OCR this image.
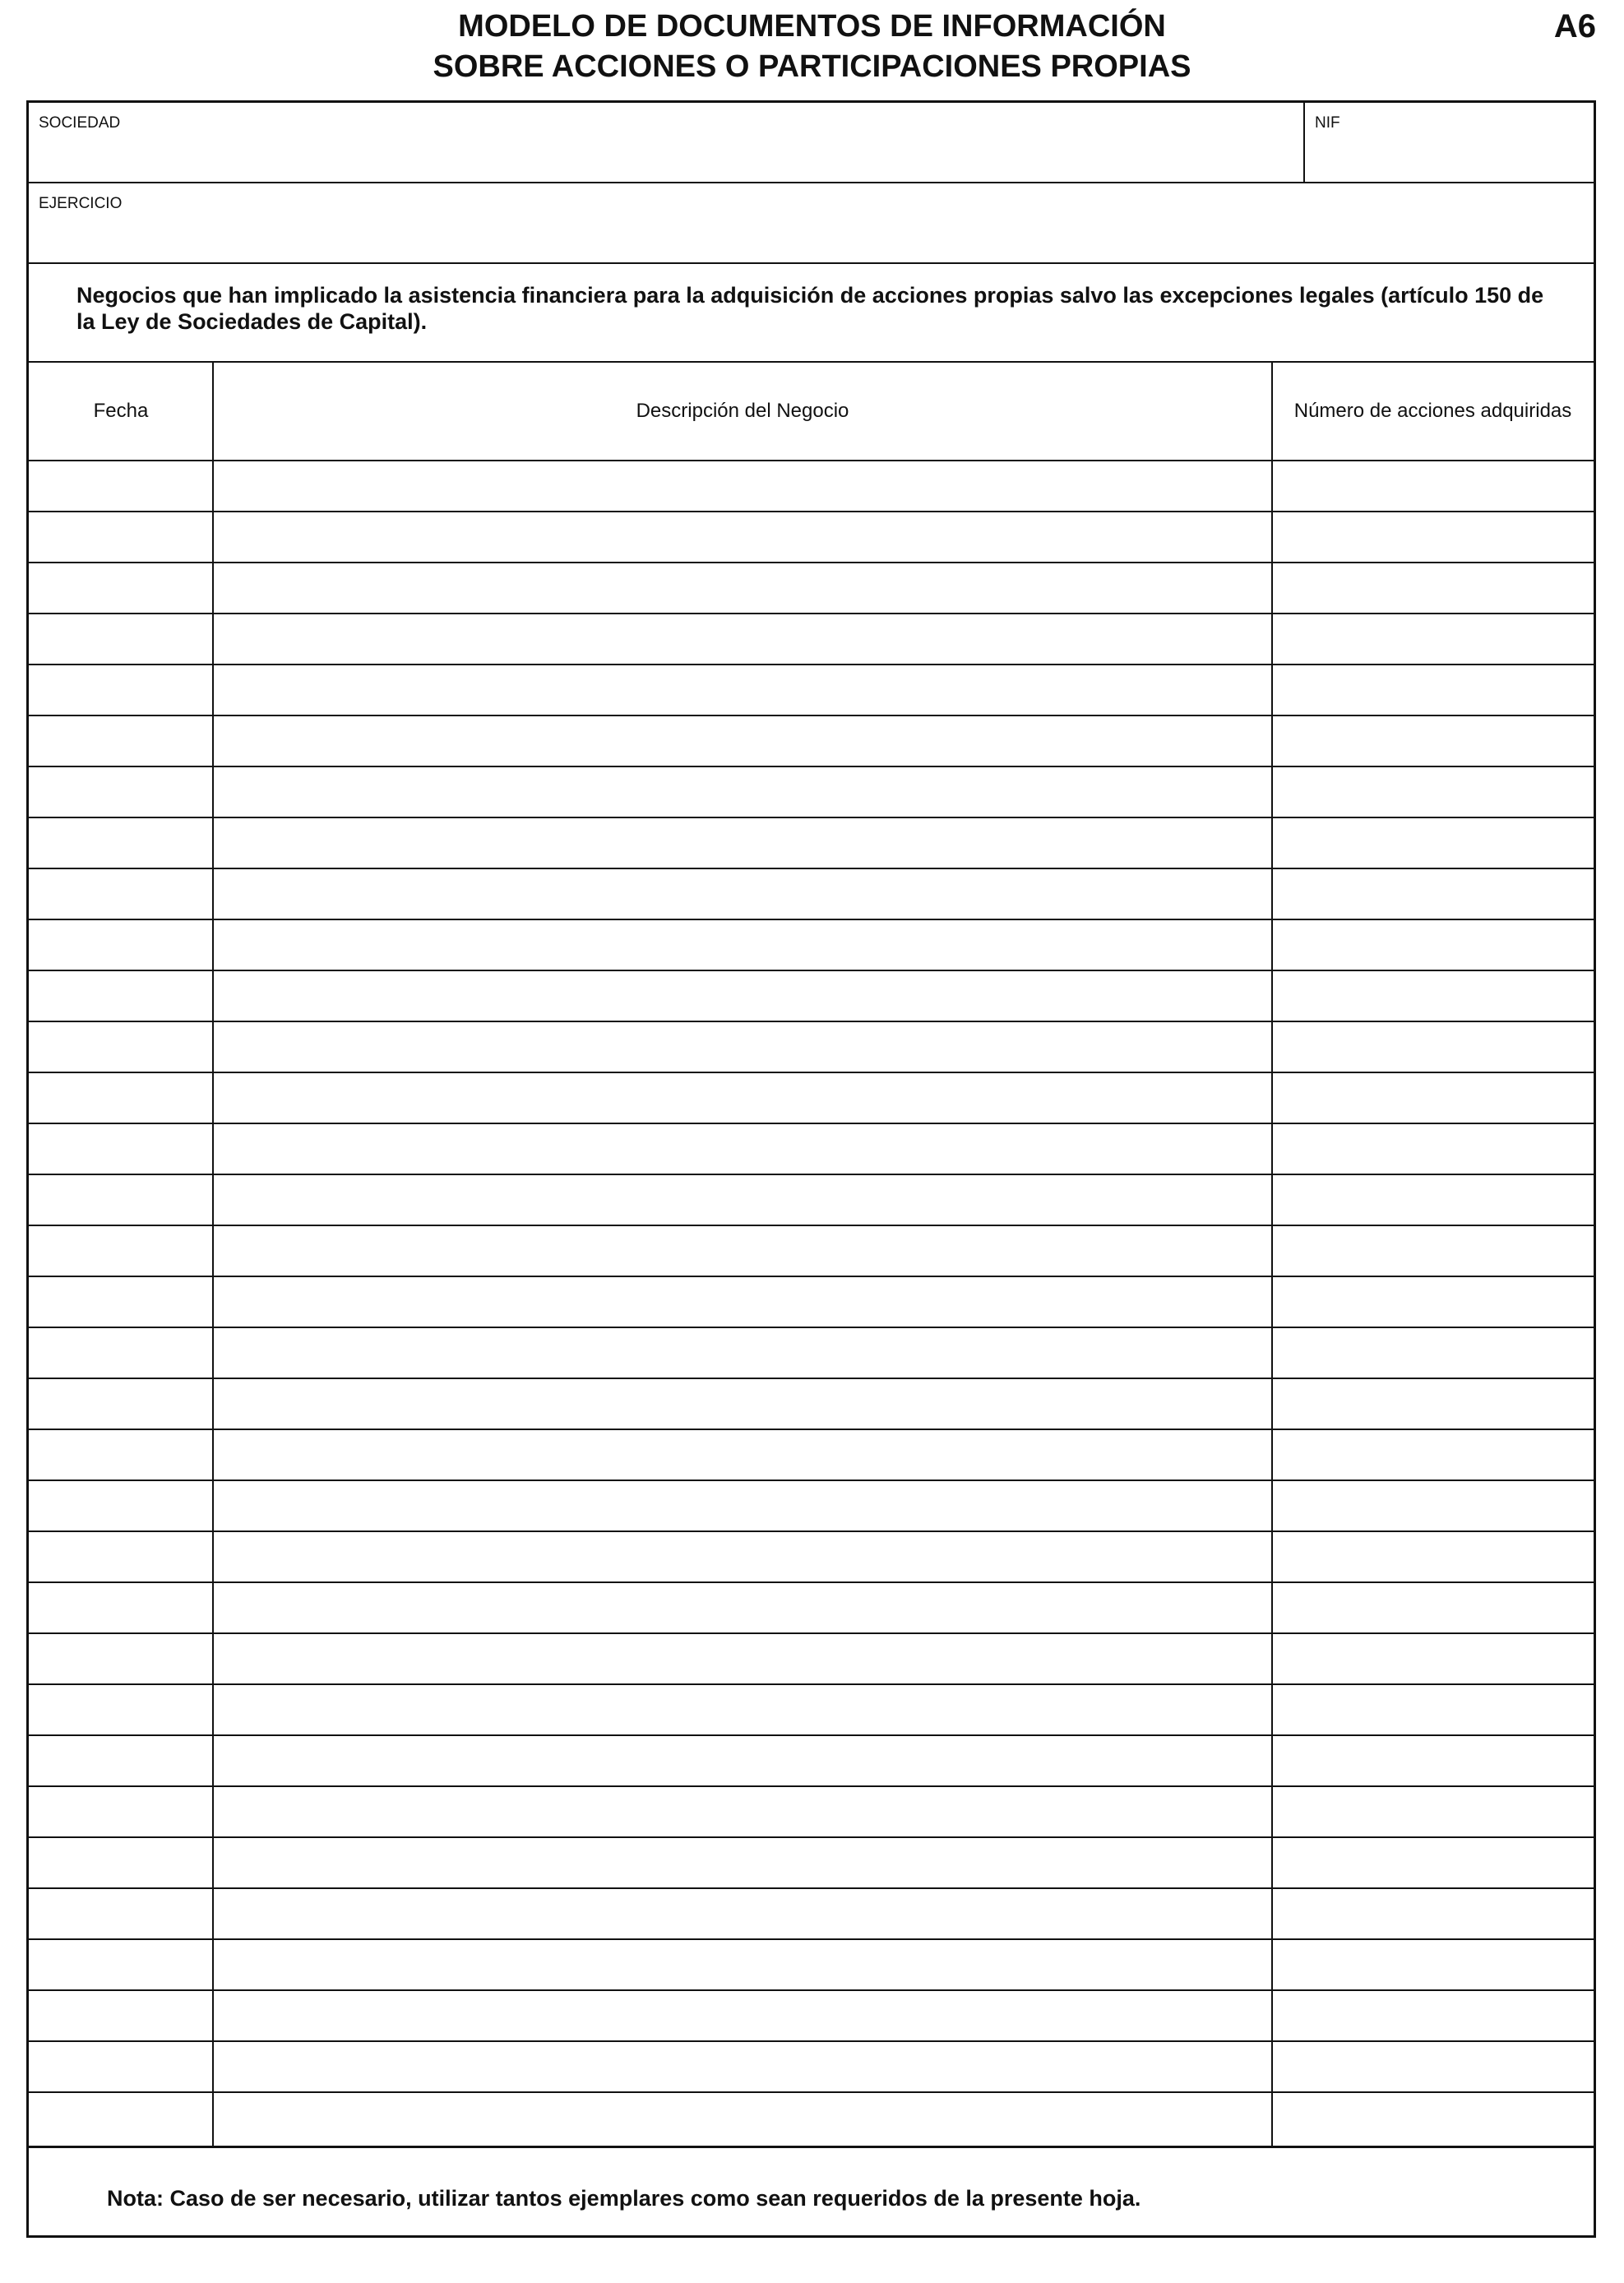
MODELO DE DOCUMENTOS DE INFORMACIÓN
SOBRE ACCIONES O PARTICIPACIONES PROPIAS
A6
SOCIEDAD	NIF
EJERCICIO
Negocios que han implicado la asistencia financiera para la adquisición de acciones propias salvo las excepciones legales (artículo 150 de la Ley de Sociedades de Capital).
Fecha	Descripción del Negocio	Número de acciones adquiridas
Nota: Caso de ser necesario, utilizar tantos ejemplares como sean requeridos de la presente hoja.
